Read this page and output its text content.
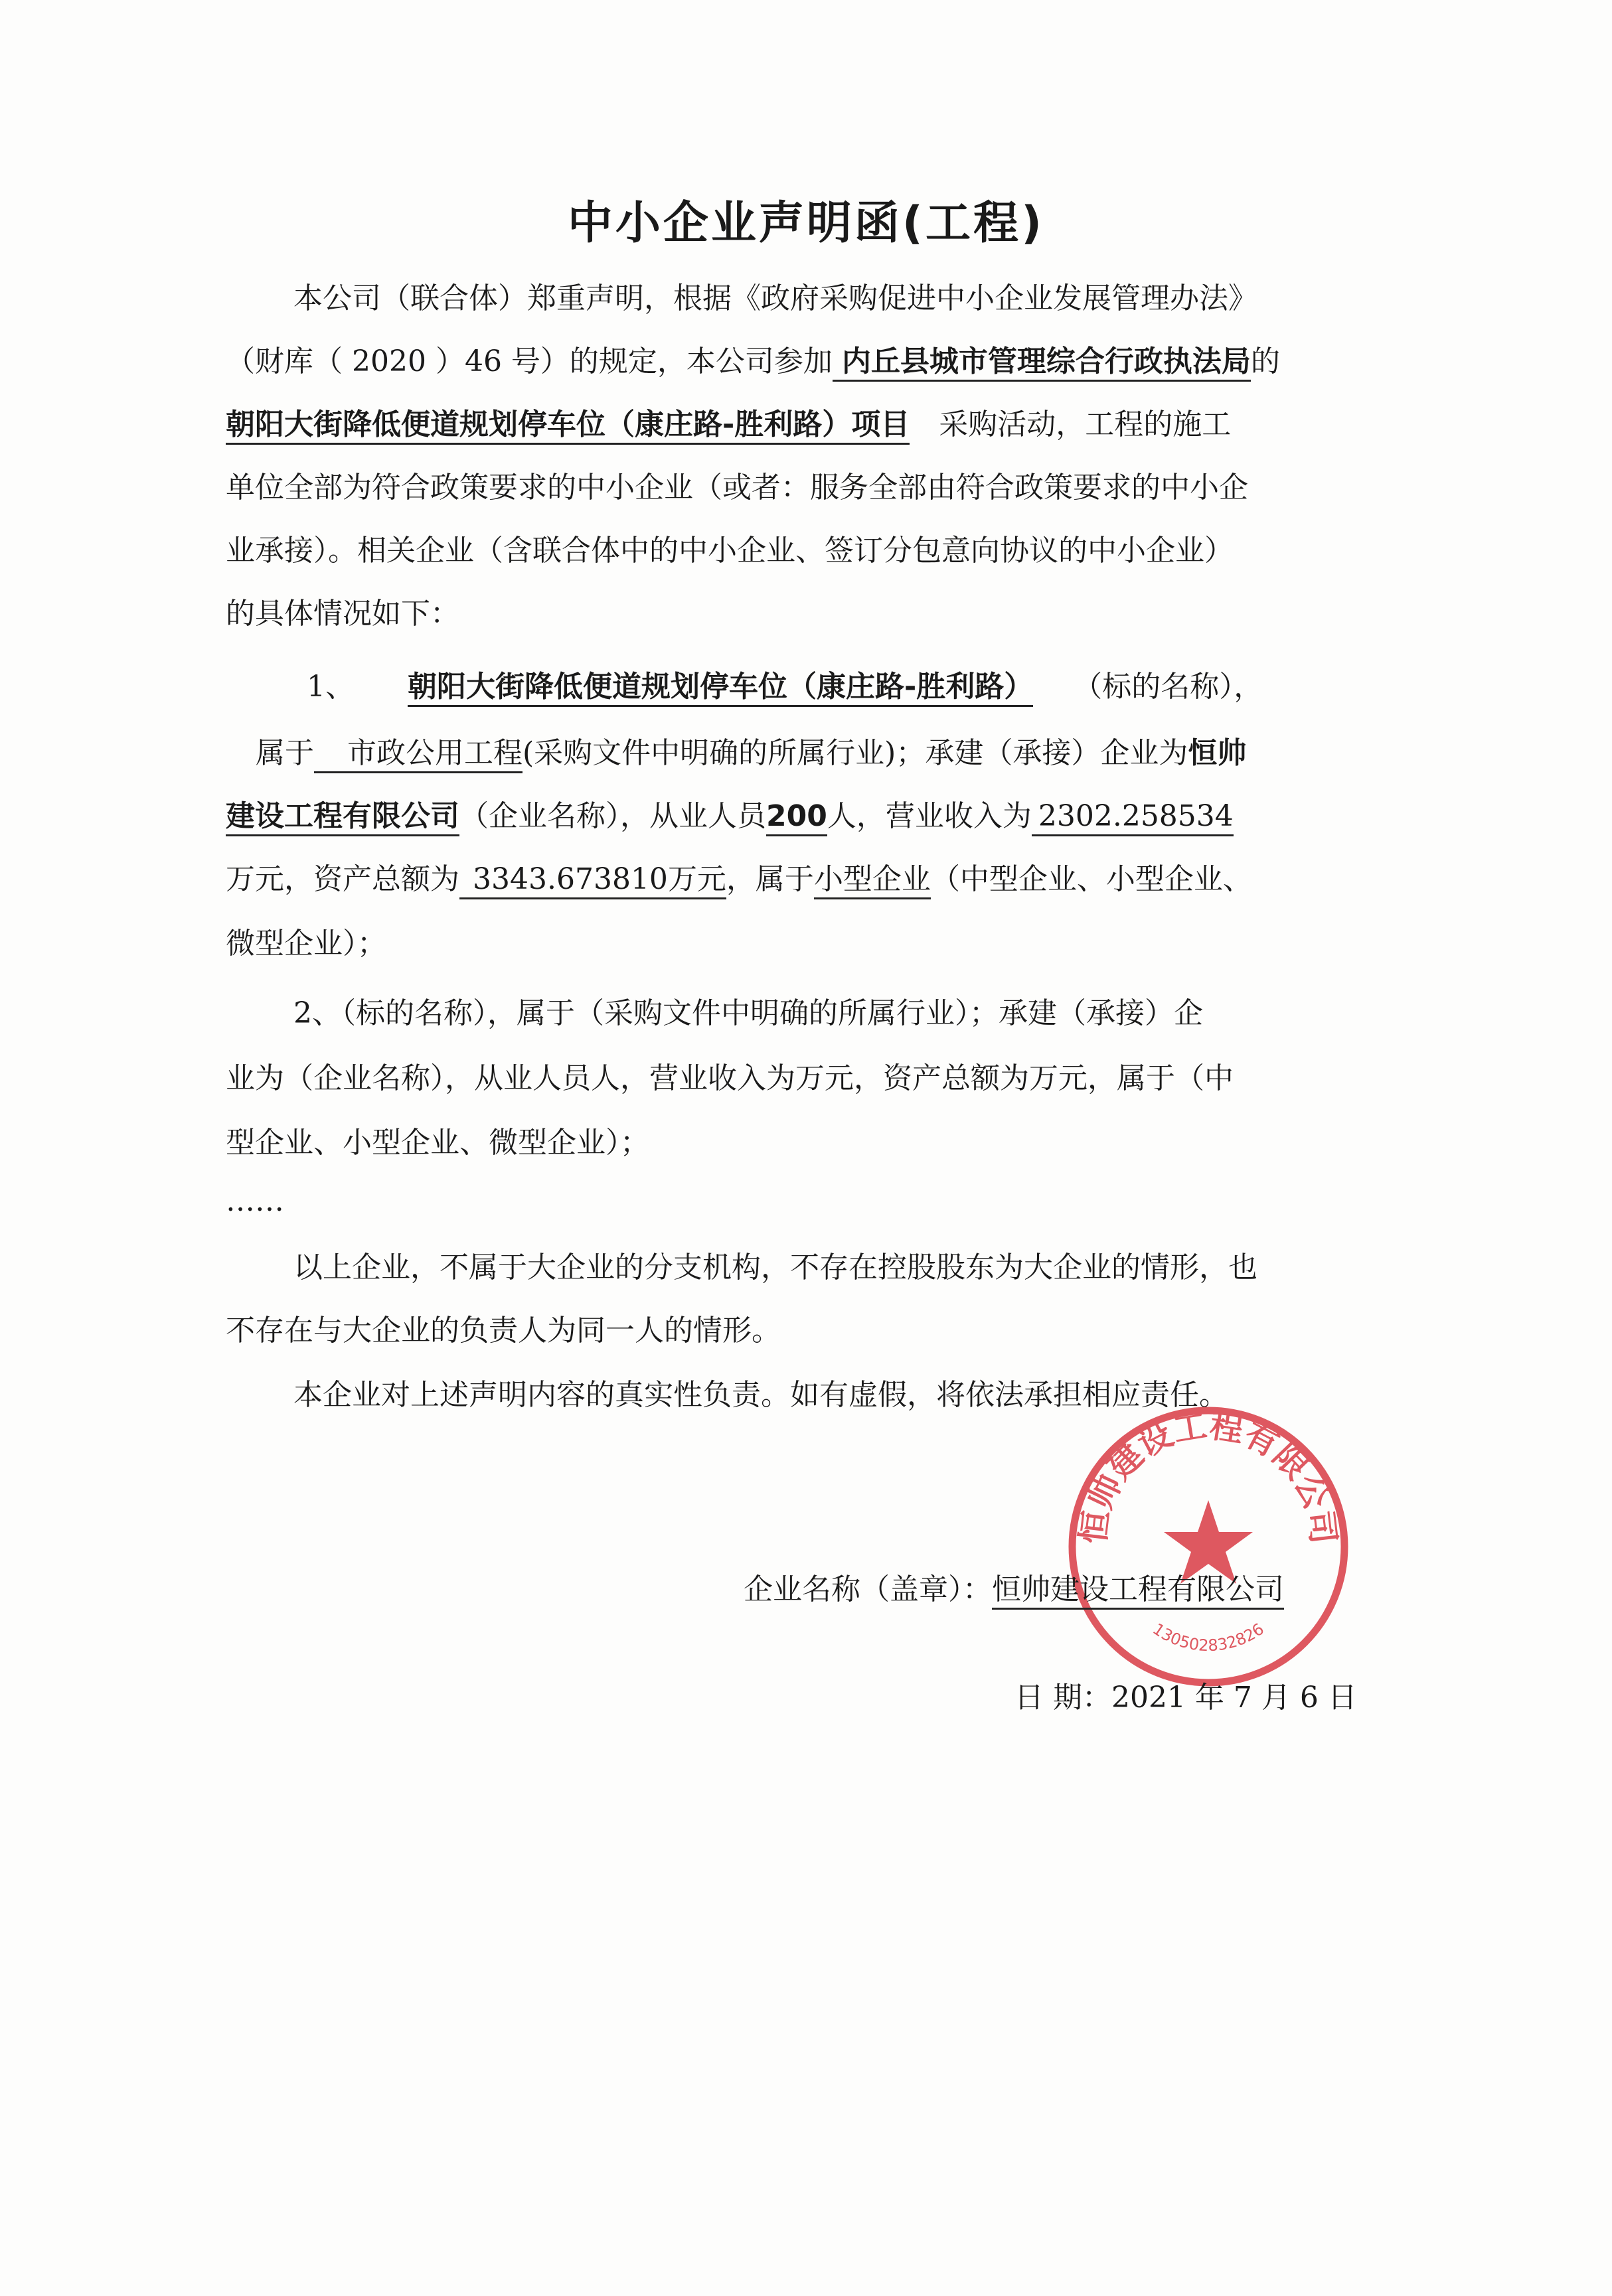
中小企业声明函(工程)
本公司（联合体）郑重声明，根据《政府采购促进中小企业发展管理办法》
（财库（ 2020 ）46 号）的规定，本公司参加 内丘县城市管理综合行政执法局的
朝阳大街降低便道规划停车位（康庄路-胜利路）项目 采购活动，工程的施工
单位全部为符合政策要求的中小企业（或者：服务全部由符合政策要求的中小企
业承接）。相关企业（含联合体中的中小企业、签订分包意向协议的中小企业）
的具体情况如下：
1、 朝阳大街降低便道规划停车位（康庄路-胜利路） （标的名称），
属于 市政公用工程(采购文件中明确的所属行业)；承建（承接）企业为恒帅
建设工程有限公司（企业名称），从业人员200人，营业收入为 2302.258534
万元，资产总额为 3343.673810万元，属于小型企业（中型企业、小型企业、
微型企业）；
2、（标的名称），属于（采购文件中明确的所属行业）；承建（承接）企
业为（企业名称），从业人员人，营业收入为万元，资产总额为万元，属于（中
型企业、小型企业、微型企业）；
……
以上企业，不属于大企业的分支机构，不存在控股股东为大企业的情形，也
不存在与大企业的负责人为同一人的情形。
本企业对上述声明内容的真实性负责。如有虚假，将依法承担相应责任。
恒帅建设工程有限公司
130502832826
企业名称（盖章）：恒帅建设工程有限公司
日 期：2021 年 7 月 6 日
